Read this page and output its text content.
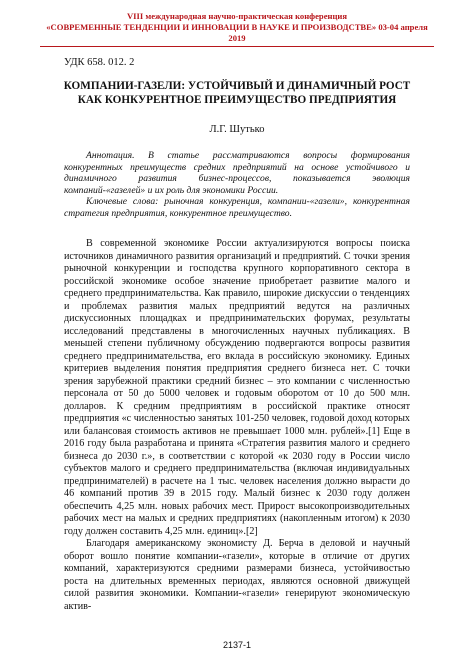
VIII международная научно-практическая конференция
«СОВРЕМЕННЫЕ ТЕНДЕНЦИИ И ИННОВАЦИИ В НАУКЕ И ПРОИЗВОДСТВЕ» 03-04 апреля 2019
УДК 658. 012. 2
КОМПАНИИ-ГАЗЕЛИ: УСТОЙЧИВЫЙ И ДИНАМИЧНЫЙ РОСТ
КАК КОНКУРЕНТНОЕ ПРЕИМУЩЕСТВО ПРЕДПРИЯТИЯ
Л.Г. Шутько

Аннотация. В статье рассматриваются вопросы формирования конкурентных преимуществ средних предприятий на основе устойчивого и динамичного развития бизнес-процессов, показывается эволюция компаний-«газелей» и их роль для экономики России.

Ключевые слова: рыночная конкуренция, компании-«газели», конкурентная стратегия предприятия, конкурентное преимущество.

В современной экономике России актуализируются вопросы поиска источников динамичного развития организаций и предприятий. С точки зрения рыночной конкуренции и господства крупного корпоративного сектора в российской экономике особое значение приобретает развитие малого и среднего предпринимательства. Как правило, широкие дискуссии о тенденциях и проблемах развития малых предприятий ведутся на различных дискуссионных площадках и предпринимательских форумах, результаты исследований представлены в многочисленных научных публикациях. В меньшей степени публичному обсуждению подвергаются вопросы развития среднего предпринимательства, его вклада в российскую экономику. Единых критериев выделения понятия предприятия среднего бизнеса нет. С точки зрения зарубежной практики средний бизнес – это компании с численностью персонала от 50 до 5000 человек и годовым оборотом от 10 до 500 млн. долларов. К средним предприятиям в российской практике относят предприятия «с численностью занятых 101-250 человек, годовой доход которых или балансовая стоимость активов не превышает 1000 млн. рублей».[1] Еще в 2016 году была разработана и принята «Стратегия развития малого и среднего бизнеса до 2030 г.», в соответствии с которой «к 2030 году в России число субъектов малого и среднего предпринимательства (включая индивидуальных предпринимателей) в расчете на 1 тыс. человек населения должно вырасти до 46 компаний против 39 в 2015 году. Малый бизнес к 2030 году должен обеспечить 4,25 млн. новых рабочих мест. Прирост высокопроизводительных рабочих мест на малых и средних предприятиях (накопленным итогом) к 2030 году должен составить 4,25 млн. единиц».[2]

Благодаря американскому экономисту Д. Берча в деловой и научный оборот вошло понятие компании-«газели», которые в отличие от других компаний, характеризуются средними размерами бизнеса, устойчивостью роста на длительных временных периодах, являются основной движущей силой развития экономики. Компании-«газели» генерируют экономическую актив-

2137-1
